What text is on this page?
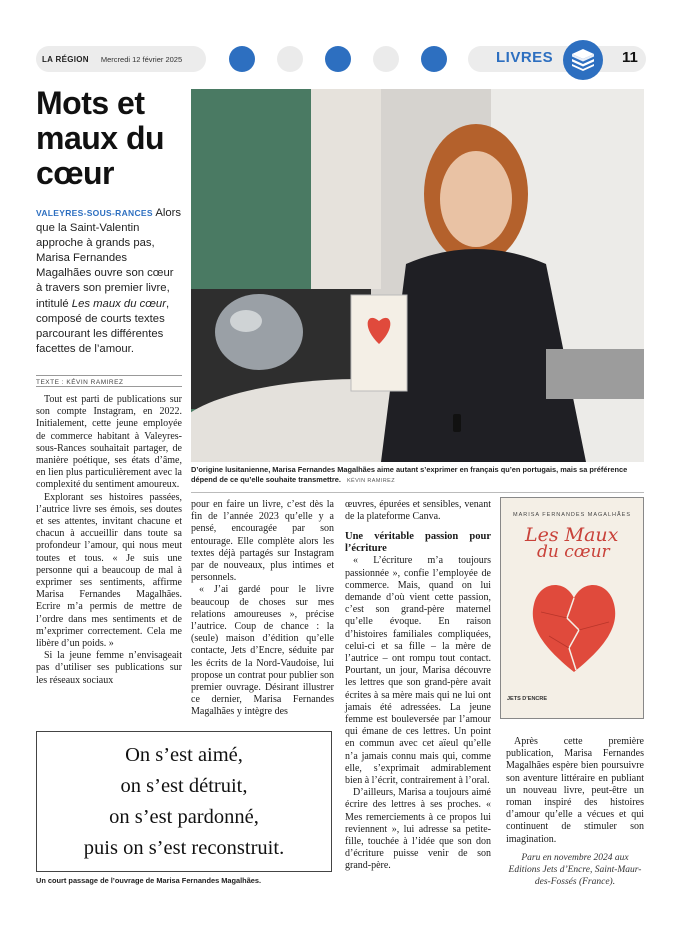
LA RÉGION Mercredi 12 février 2025	LIVRES	11
Mots et maux du cœur
VALEYRES-SOUS-RANCES Alors que la Saint-Valentin approche à grands pas, Marisa Fernandes Magalhães ouvre son cœur à travers son premier livre, intitulé Les maux du cœur, composé de courts textes parcourant les différentes facettes de l’amour.
TEXTE : KÉVIN RAMIREZ

Tout est parti de publications sur son compte Instagram, en 2022. Initialement, cette jeune employée de commerce habitant à Valeyres-sous-Rances souhaitait partager, de manière poétique, ses états d’âme, en lien plus particulièrement avec la complexité du sentiment amoureux.

Explorant ses histoires passées, l’autrice livre ses émois, ses doutes et ses attentes, invitant chacune et chacun à accueillir dans toute sa profondeur l’amour, qui nous meut toutes et tous. « Je suis une personne qui a beaucoup de mal à exprimer ses sentiments, affirme Marisa Fernandes Magalhães. Ecrire m’a permis de mettre de l’ordre dans mes sentiments et de m’exprimer correctement. Cela me libère d’un poids. »

Si la jeune femme n’envisageait pas d’utiliser ses publications sur les réseaux sociaux

D’origine lusitanienne, Marisa Fernandes Magalhães aime autant s’exprimer en français qu’en portugais, mais sa préférence dépend de ce qu’elle souhaite transmettre. KÉVIN RAMIREZ

pour en faire un livre, c’est dès la fin de l’année 2023 qu’elle y a pensé, encouragée par son entourage. Elle complète alors les textes déjà partagés sur Instagram par de nouveaux, plus intimes et personnels.

« J’ai gardé pour le livre beaucoup de choses sur mes relations amoureuses », précise l’autrice. Coup de chance : la (seule) maison d’édition qu’elle contacte, Jets d’Encre, séduite par les écrits de la Nord-Vaudoise, lui propose un contrat pour publier son premier ouvrage. Désirant illustrer ce dernier, Marisa Fernandes Magalhães y intègre des

œuvres, épurées et sensibles, venant de la plateforme Canva.

Une véritable passion pour l’écriture

« L’écriture m’a toujours passionnée », confie l’employée de commerce. Mais, quand on lui demande d’où vient cette passion, c’est son grand-père maternel qu’elle évoque. En raison d’histoires familiales compliquées, celui-ci et sa fille – la mère de l’autrice – ont rompu tout contact. Pourtant, un jour, Marisa découvre les lettres que son grand-père avait écrites à sa mère mais qui ne lui ont jamais été adressées. La jeune femme est bouleversée par l’amour qui émane de ces lettres. Un point en commun avec cet aïeul qu’elle n’a jamais connu mais qui, comme elle, s’exprimait admirablement bien à l’écrit, contrairement à l’oral.

D’ailleurs, Marisa a toujours aimé écrire des lettres à ses proches. « Mes remerciements à ce propos lui reviennent », lui adresse sa petite-fille, touchée à l’idée que son don d’écriture puisse venir de son grand-père.

MARISA FERNANDES MAGALHÃES
Les Maux
du cœur
JETS D’ENCRE

Après cette première publication, Marisa Fernandes Magalhães espère bien poursuivre son aventure littéraire en publiant un nouveau livre, peut-être un roman inspiré des histoires d’amour qu’elle a vécues et qui continuent de stimuler son imagination.

Paru en novembre 2024 aux Editions Jets d’Encre, Saint-Maur-des-Fossés (France).
On s’est aimé,
on s’est détruit,
on s’est pardonné,
puis on s’est reconstruit.
Un court passage de l’ouvrage de Marisa Fernandes Magalhães.
